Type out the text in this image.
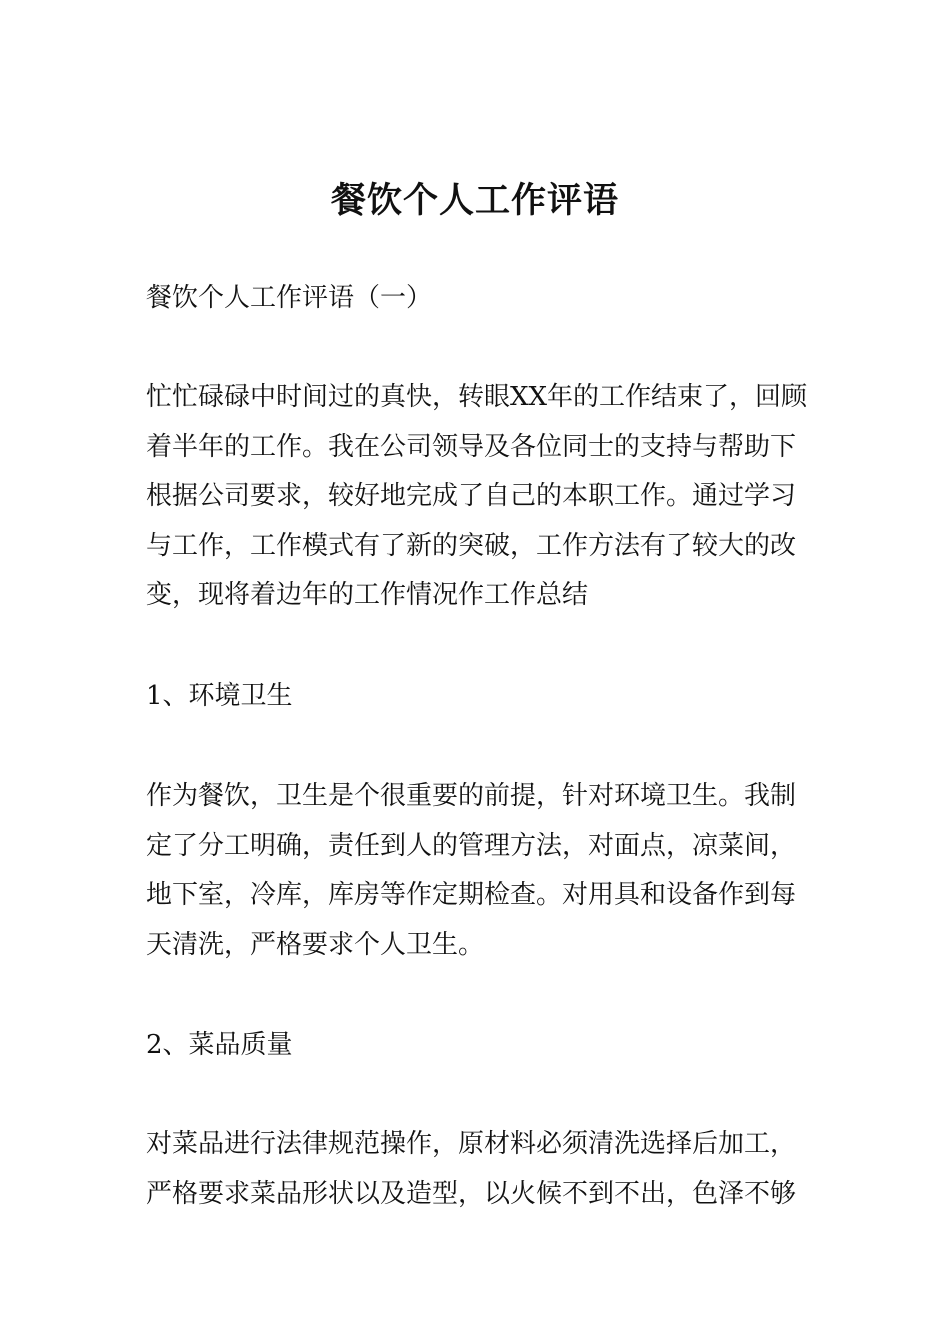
餐饮个人工作评语
餐饮个人工作评语（一）
忙忙碌碌中时间过的真快，转眼XX年的工作结束了，回顾
着半年的工作。我在公司领导及各位同士的支持与帮助下
根据公司要求，较好地完成了自己的本职工作。通过学习
与工作，工作模式有了新的突破，工作方法有了较大的改
变，现将着边年的工作情况作工作总结
1、环境卫生
作为餐饮，卫生是个很重要的前提，针对环境卫生。我制
定了分工明确，责任到人的管理方法，对面点，凉菜间，
地下室，冷库，库房等作定期检查。对用具和设备作到每
天清洗，严格要求个人卫生。
2、菜品质量
对菜品进行法律规范操作，原材料必须清洗选择后加工，
严格要求菜品形状以及造型，以火候不到不出，色泽不够
